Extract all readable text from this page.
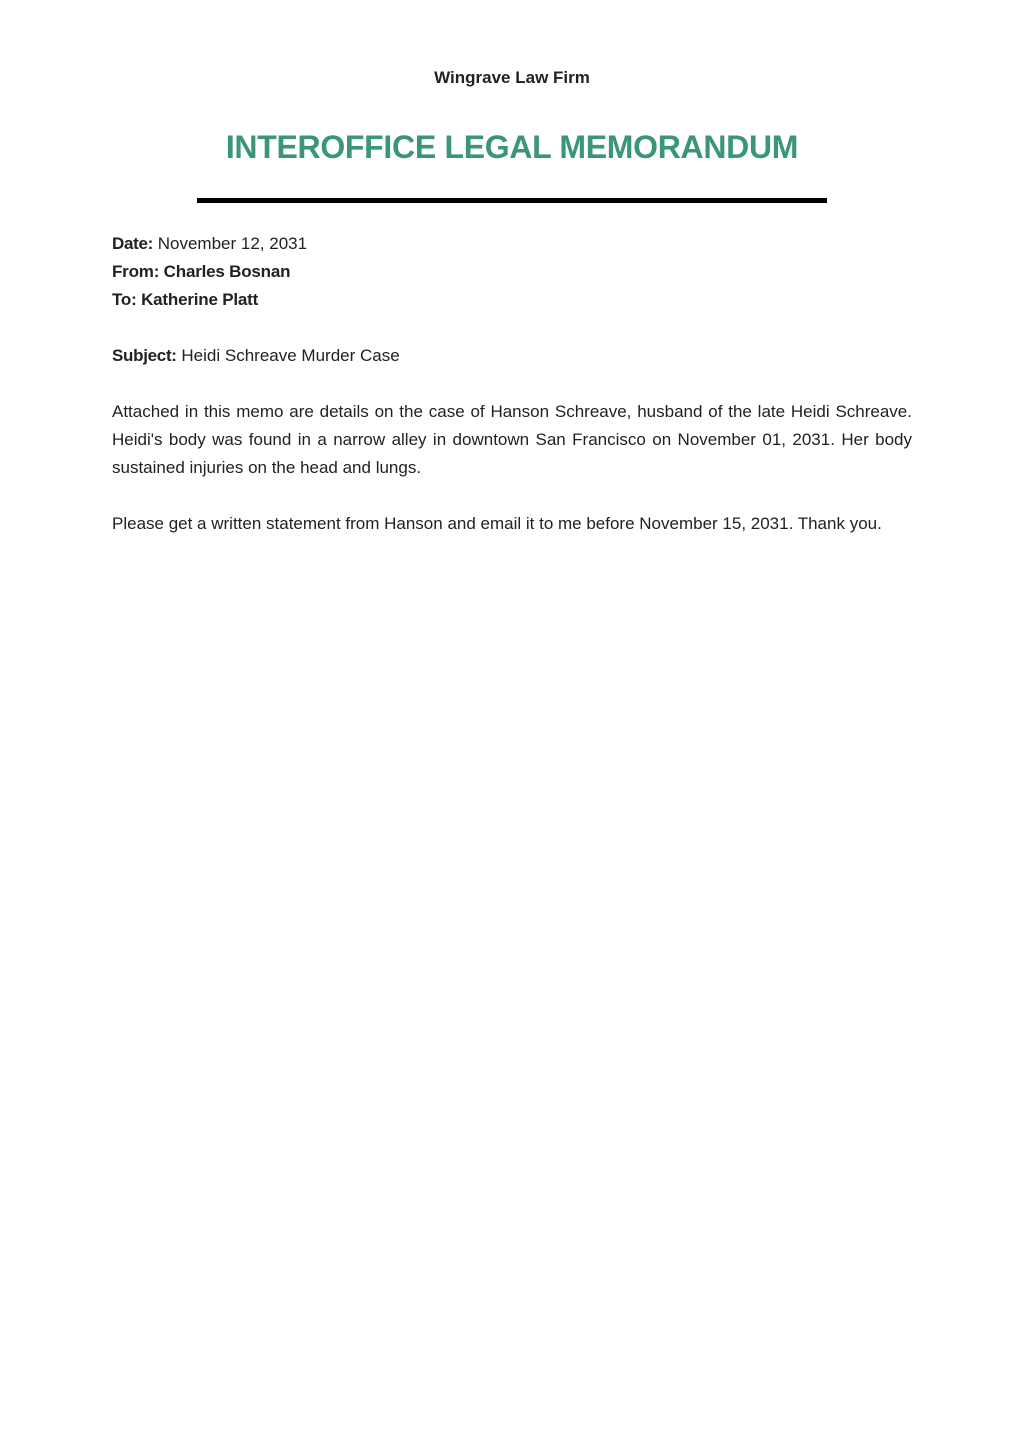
Wingrave Law Firm
INTEROFFICE LEGAL MEMORANDUM

Date: November 12, 2031

From: Charles Bosnan

To: Katherine Platt

Subject: Heidi Schreave Murder Case

Attached in this memo are details on the case of Hanson Schreave, husband of the late Heidi Schreave. Heidi's body was found in a narrow alley in downtown San Francisco on November 01, 2031. Her body sustained injuries on the head and lungs.

Please get a written statement from Hanson and email it to me before November 15, 2031. Thank you.
